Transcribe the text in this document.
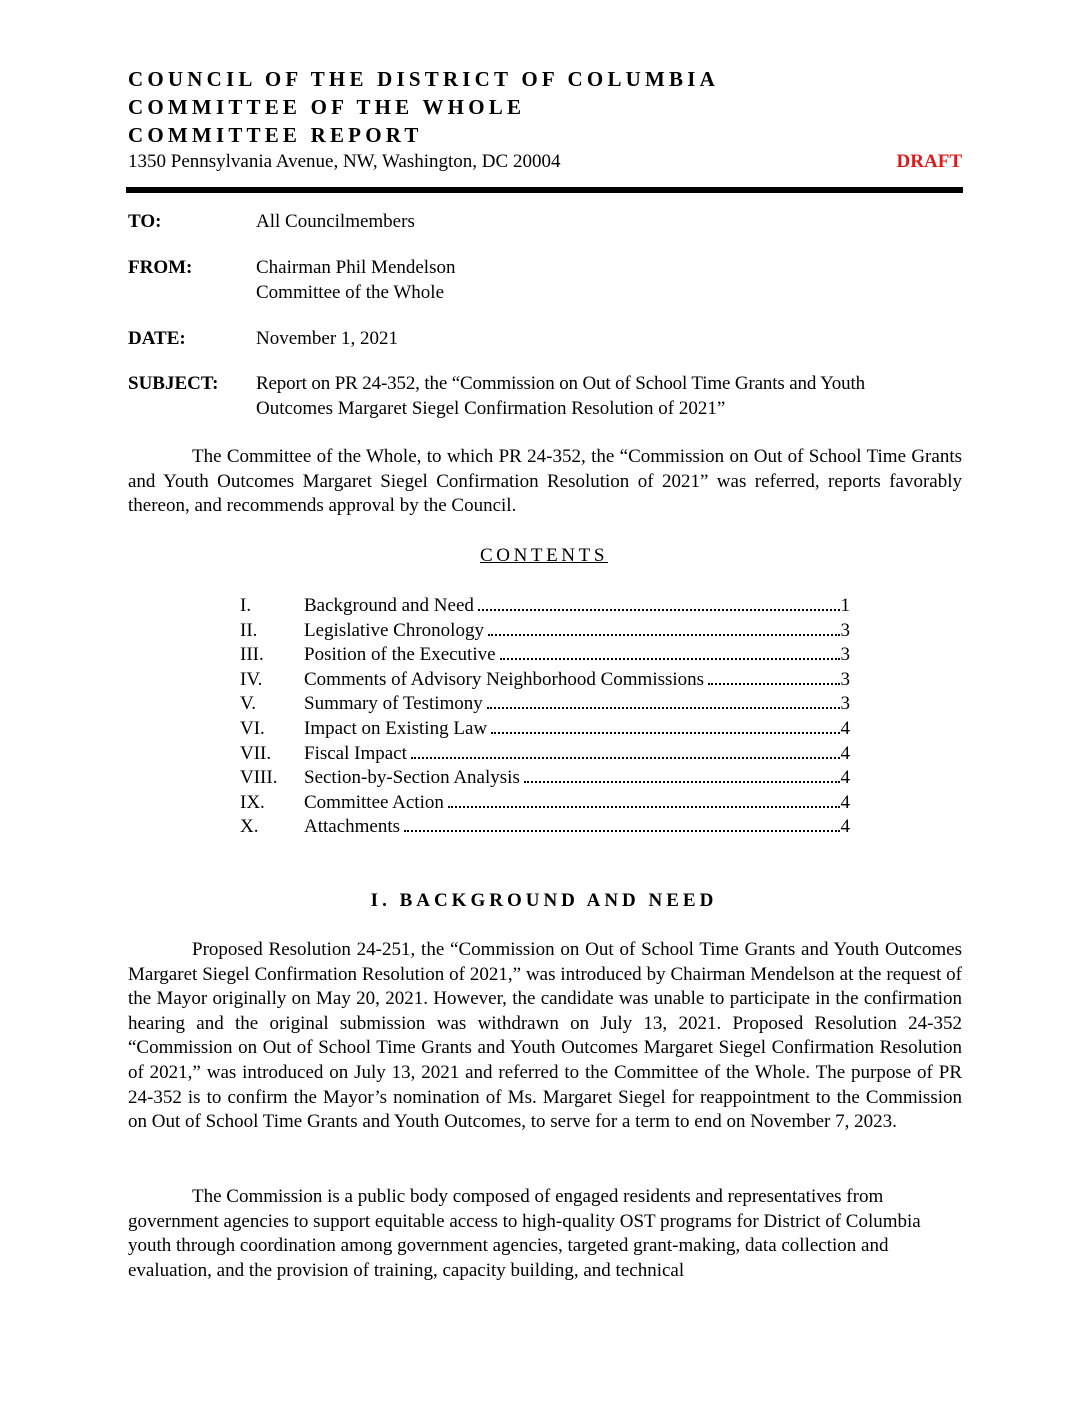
COUNCIL OF THE DISTRICT OF COLUMBIA
COMMITTEE OF THE WHOLE
COMMITTEE REPORT
1350 Pennsylvania Avenue, NW, Washington, DC 20004	DRAFT
TO:	All Councilmembers
FROM:	Chairman Phil Mendelson
Committee of the Whole
DATE:	November 1, 2021
SUBJECT: Report on PR 24-352, the “Commission on Out of School Time Grants and Youth
Outcomes Margaret Siegel Confirmation Resolution of 2021”
The Committee of the Whole, to which PR 24-352, the “Commission on Out of School Time Grants and Youth Outcomes Margaret Siegel Confirmation Resolution of 2021” was referred, reports favorably thereon, and recommends approval by the Council.
CONTENTS
I.	Background and Need	1
II.	Legislative Chronology	3
III.	Position of the Executive	3
IV.	Comments of Advisory Neighborhood Commissions	3
V.	Summary of Testimony	3
VI.	Impact on Existing Law	4
VII.	Fiscal Impact	4
VIII.	Section-by-Section Analysis	4
IX.	Committee Action	4
X.	Attachments	4
I. BACKGROUND AND NEED
Proposed Resolution 24-251, the “Commission on Out of School Time Grants and Youth Outcomes Margaret Siegel Confirmation Resolution of 2021,” was introduced by Chairman Mendelson at the request of the Mayor originally on May 20, 2021. However, the candidate was unable to participate in the confirmation hearing and the original submission was withdrawn on July 13, 2021. Proposed Resolution 24-352 “Commission on Out of School Time Grants and Youth Outcomes Margaret Siegel Confirmation Resolution of 2021,” was introduced on July 13, 2021 and referred to the Committee of the Whole. The purpose of PR 24-352 is to confirm the Mayor’s nomination of Ms. Margaret Siegel for reappointment to the Commission on Out of School Time Grants and Youth Outcomes, to serve for a term to end on November 7, 2023.
The Commission is a public body composed of engaged residents and representatives from government agencies to support equitable access to high-quality OST programs for District of Columbia youth through coordination among government agencies, targeted grant-making, data collection and evaluation, and the provision of training, capacity building, and technical
